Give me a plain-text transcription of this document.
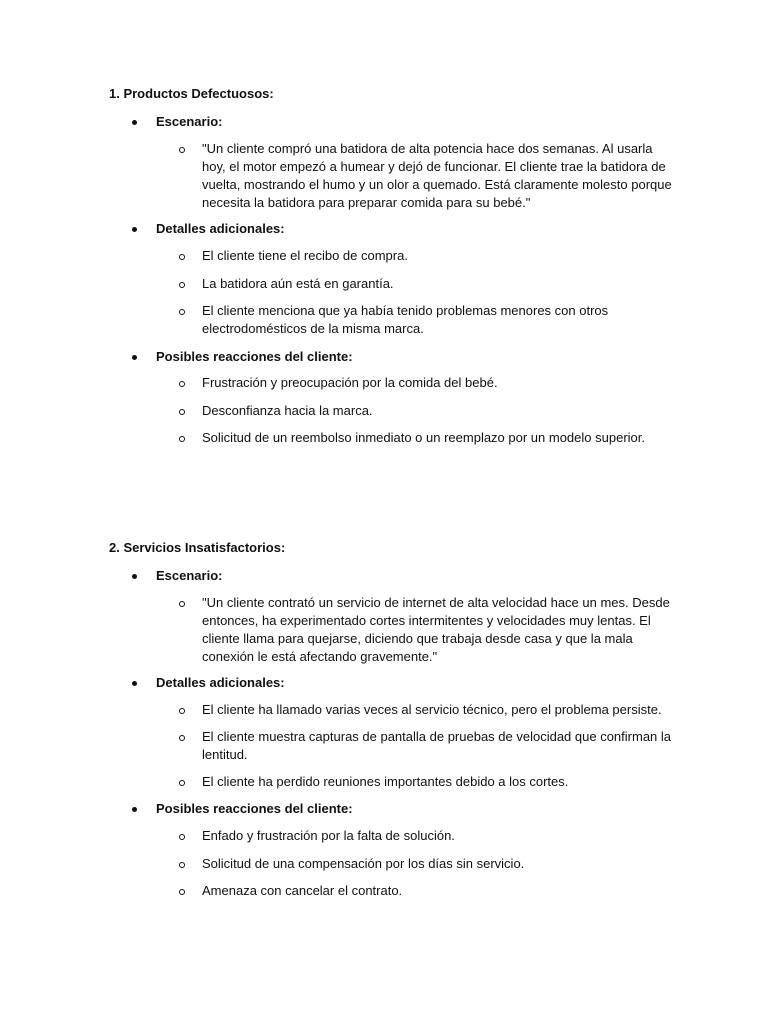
1. Productos Defectuosos:
Escenario:
"Un cliente compró una batidora de alta potencia hace dos semanas. Al usarla hoy, el motor empezó a humear y dejó de funcionar. El cliente trae la batidora de vuelta, mostrando el humo y un olor a quemado. Está claramente molesto porque necesita la batidora para preparar comida para su bebé."
Detalles adicionales:
El cliente tiene el recibo de compra.
La batidora aún está en garantía.
El cliente menciona que ya había tenido problemas menores con otros electrodomésticos de la misma marca.
Posibles reacciones del cliente:
Frustración y preocupación por la comida del bebé.
Desconfianza hacia la marca.
Solicitud de un reembolso inmediato o un reemplazo por un modelo superior.
2. Servicios Insatisfactorios:
Escenario:
"Un cliente contrató un servicio de internet de alta velocidad hace un mes. Desde entonces, ha experimentado cortes intermitentes y velocidades muy lentas. El cliente llama para quejarse, diciendo que trabaja desde casa y que la mala conexión le está afectando gravemente."
Detalles adicionales:
El cliente ha llamado varias veces al servicio técnico, pero el problema persiste.
El cliente muestra capturas de pantalla de pruebas de velocidad que confirman la lentitud.
El cliente ha perdido reuniones importantes debido a los cortes.
Posibles reacciones del cliente:
Enfado y frustración por la falta de solución.
Solicitud de una compensación por los días sin servicio.
Amenaza con cancelar el contrato.
